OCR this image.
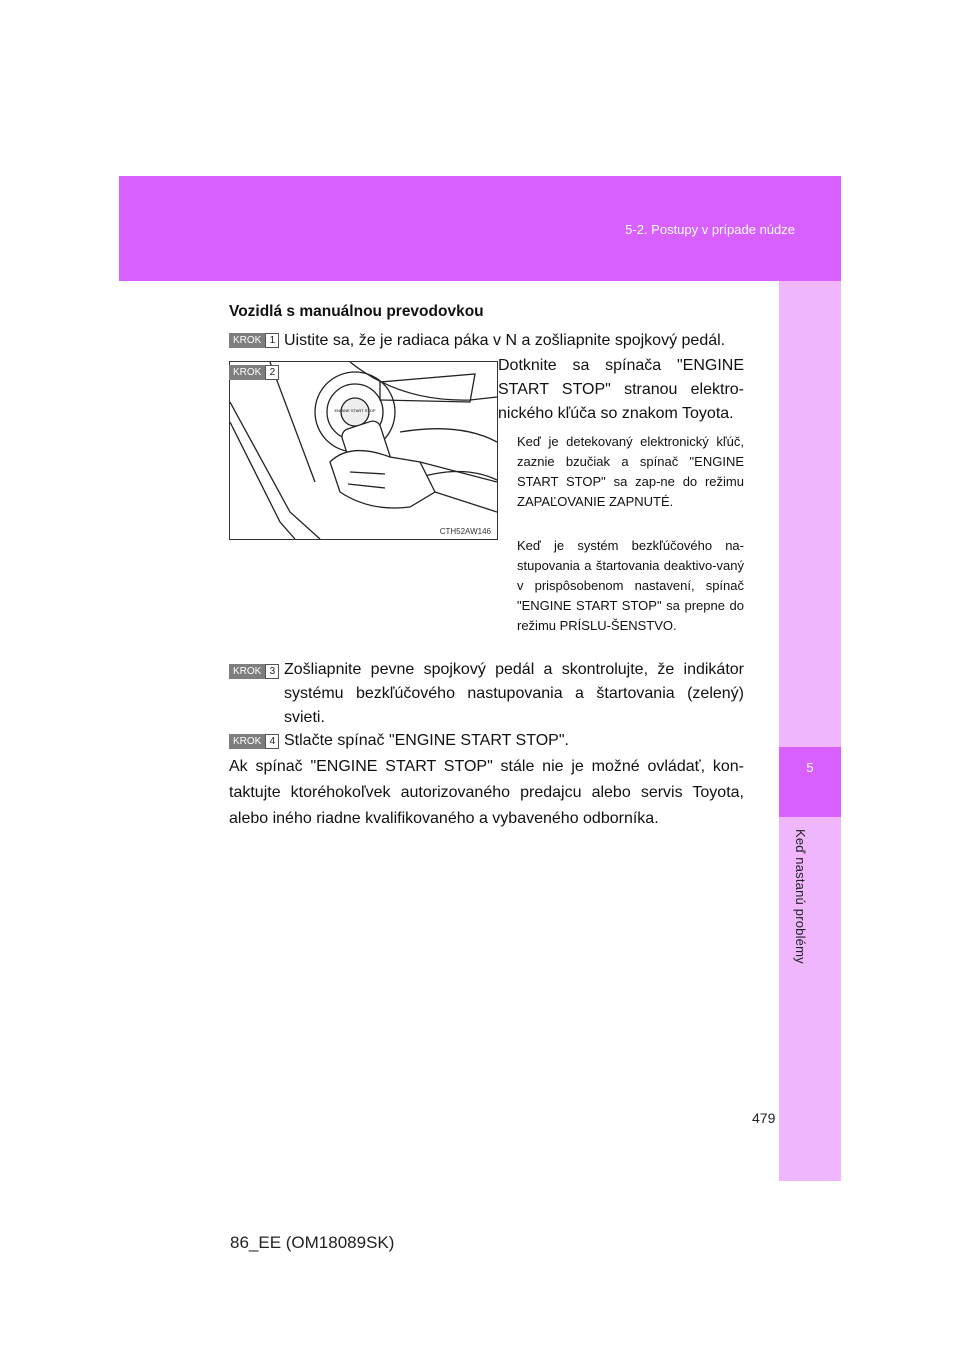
5-2. Postupy v prípade núdze
5
Keď nastanú problémy
Vozidlá s manuálnou prevodovkou
KROK 1 Uistite sa, že je radiaca páka v N a zošliapnite spojkový pedál.
KROK 2
ENGINE START STOP
CTH52AW146
Dotknite sa spínača "ENGINE START STOP" stranou elektro-nického kľúča so znakom Toyota.
Keď je detekovaný elektronický kľúč, zaznie bzučiak a spínač "ENGINE START STOP" sa zap-ne do režimu ZAPAĽOVANIE ZAPNUTÉ.
Keď je systém bezkľúčového na-stupovania a štartovania deaktivo-vaný v prispôsobenom nastavení, spínač "ENGINE START STOP" sa prepne do režimu PRÍSLU-ŠENSTVO.
KROK 3 Zošliapnite pevne spojkový pedál a skontrolujte, že indikátor systému bezkľúčového nastupovania a štartovania (zelený) svieti.
KROK 4 Stlačte spínač "ENGINE START STOP".
Ak spínač "ENGINE START STOP" stále nie je možné ovládať, kon-taktujte ktoréhokoľvek autorizovaného predajcu alebo servis Toyota, alebo iného riadne kvalifikovaného a vybaveného odborníka.
479
86_EE (OM18089SK)
